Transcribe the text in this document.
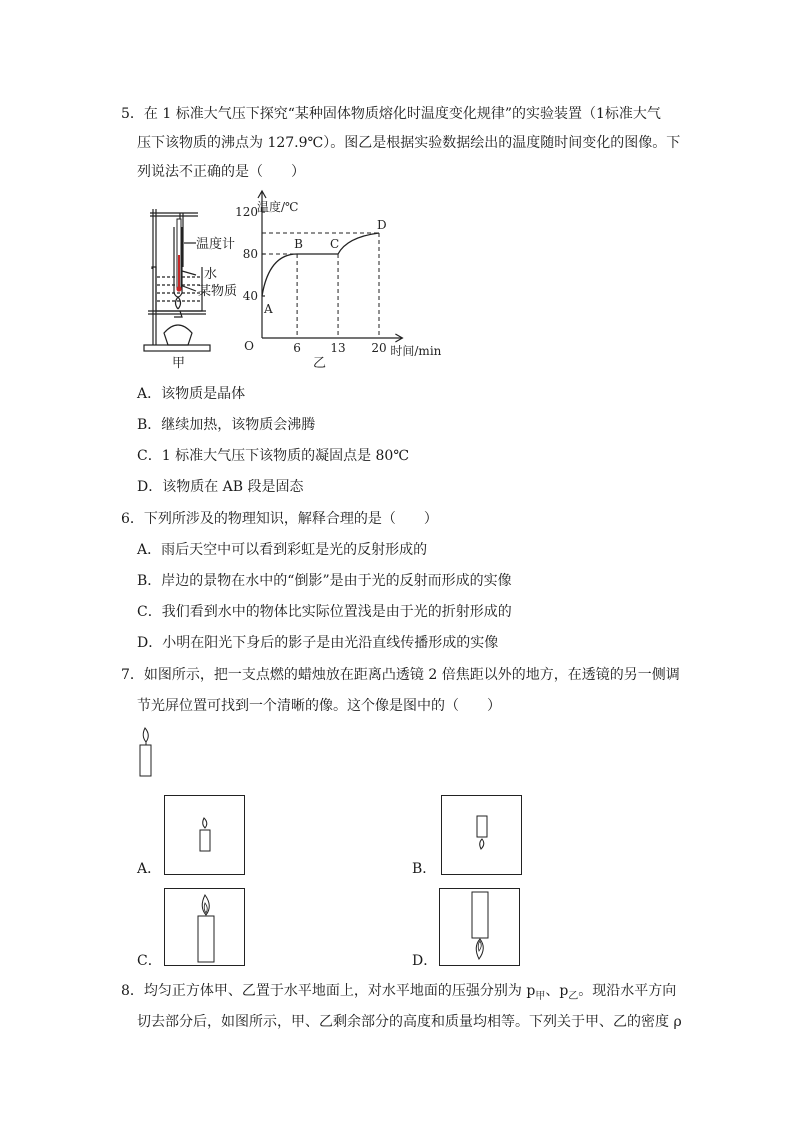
5．在 1 标准大气压下探究“某种固体物质熔化时温度变化规律”的实验装置（1标准大气
压下该物质的沸点为 127.9℃）。图乙是根据实验数据绘出的温度随时间变化的图像。下
列说法不正确的是（　　）
温度计
水
某物质
甲
120
80
40
6 13 20
O
温度/℃
时间/min
A
B C
D
乙
A．该物质是晶体
B．继续加热，该物质会沸腾
C．1 标准大气压下该物质的凝固点是 80℃
D．该物质在 AB 段是固态
6．下列所涉及的物理知识，解释合理的是（　　）
A．雨后天空中可以看到彩虹是光的反射形成的
B．岸边的景物在水中的“倒影”是由于光的反射而形成的实像
C．我们看到水中的物体比实际位置浅是由于光的折射形成的
D．小明在阳光下身后的影子是由光沿直线传播形成的实像
7．如图所示，把一支点燃的蜡烛放在距离凸透镜 2 倍焦距以外的地方，在透镜的另一侧调
节光屏位置可找到一个清晰的像。这个像是图中的（　　）
A．	B．
C．	D．
8．均匀正方体甲、乙置于水平地面上，对水平地面的压强分别为 $p_甲$、$p_乙$。现沿水平方向
切去部分后，如图所示，甲、乙剩余部分的高度和质量均相等。下列关于甲、乙的密度 ρ
